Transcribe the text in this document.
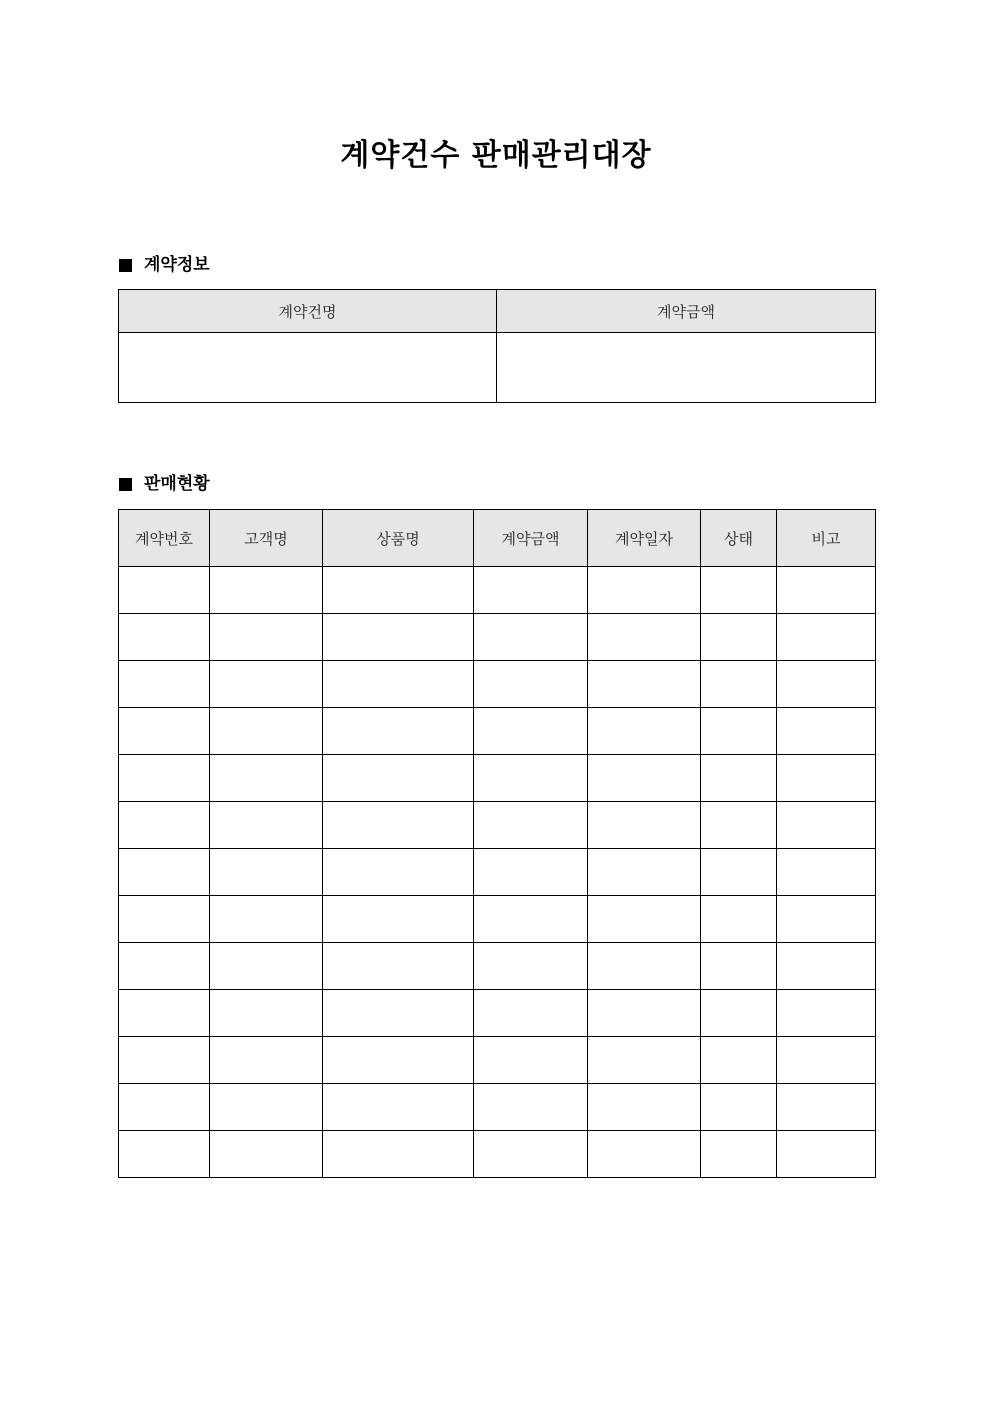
계약건수 판매관리대장
계약정보
계약건명	계약금액

판매현황
계약번호	고객명	상품명	계약금액	계약일자	상태	비고
